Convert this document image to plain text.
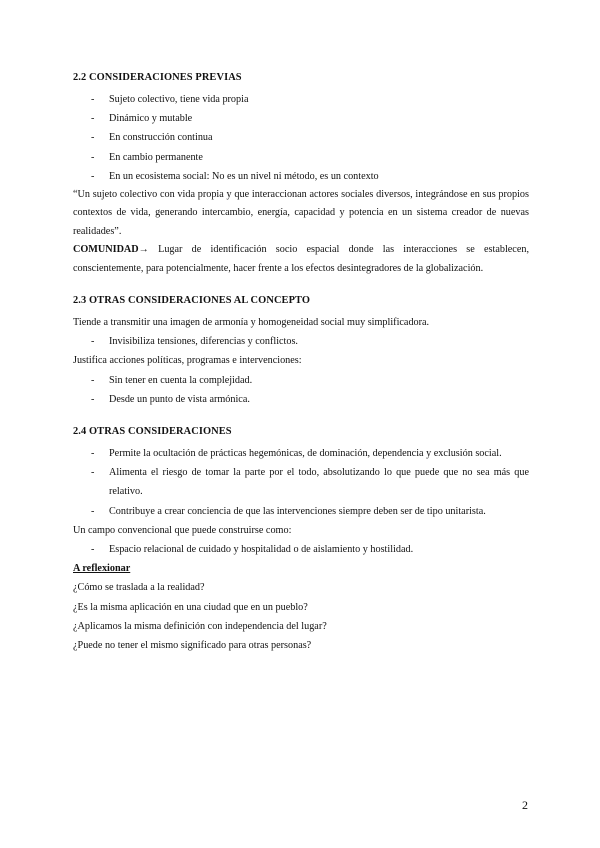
2.2 CONSIDERACIONES PREVIAS
- Sujeto colectivo, tiene vida propia
- Dinámico y mutable
- En construcción continua
- En cambio permanente
- En un ecosistema social: No es un nivel ni método, es un contexto

“Un sujeto colectivo con vida propia y que interaccionan actores sociales diversos, integrándose en sus propios contextos de vida, generando intercambio, energía, capacidad y potencia en un sistema creador de nuevas realidades”.

COMUNIDAD→ Lugar de identificación socio espacial donde las interacciones se establecen, conscientemente, para potencialmente, hacer frente a los efectos desintegradores de la globalización.

2.3 OTRAS CONSIDERACIONES AL CONCEPTO

Tiende a transmitir una imagen de armonía y homogeneidad social muy simplificadora.

- Invisibiliza tensiones, diferencias y conflictos.

Justifica acciones políticas, programas e intervenciones:

- Sin tener en cuenta la complejidad.
- Desde un punto de vista armónica.
2.4 OTRAS CONSIDERACIONES
- Permite la ocultación de prácticas hegemónicas, de dominación, dependencia y exclusión social.
- Alimenta el riesgo de tomar la parte por el todo, absolutizando lo que puede que no sea más que relativo.
- Contribuye a crear conciencia de que las intervenciones siempre deben ser de tipo unitarista.

Un campo convencional que puede construirse como:

- Espacio relacional de cuidado y hospitalidad o de aislamiento y hostilidad.

A reflexionar

¿Cómo se traslada a la realidad?

¿Es la misma aplicación en una ciudad que en un pueblo?

¿Aplicamos la misma definición con independencia del lugar?

¿Puede no tener el mismo significado para otras personas?

2
